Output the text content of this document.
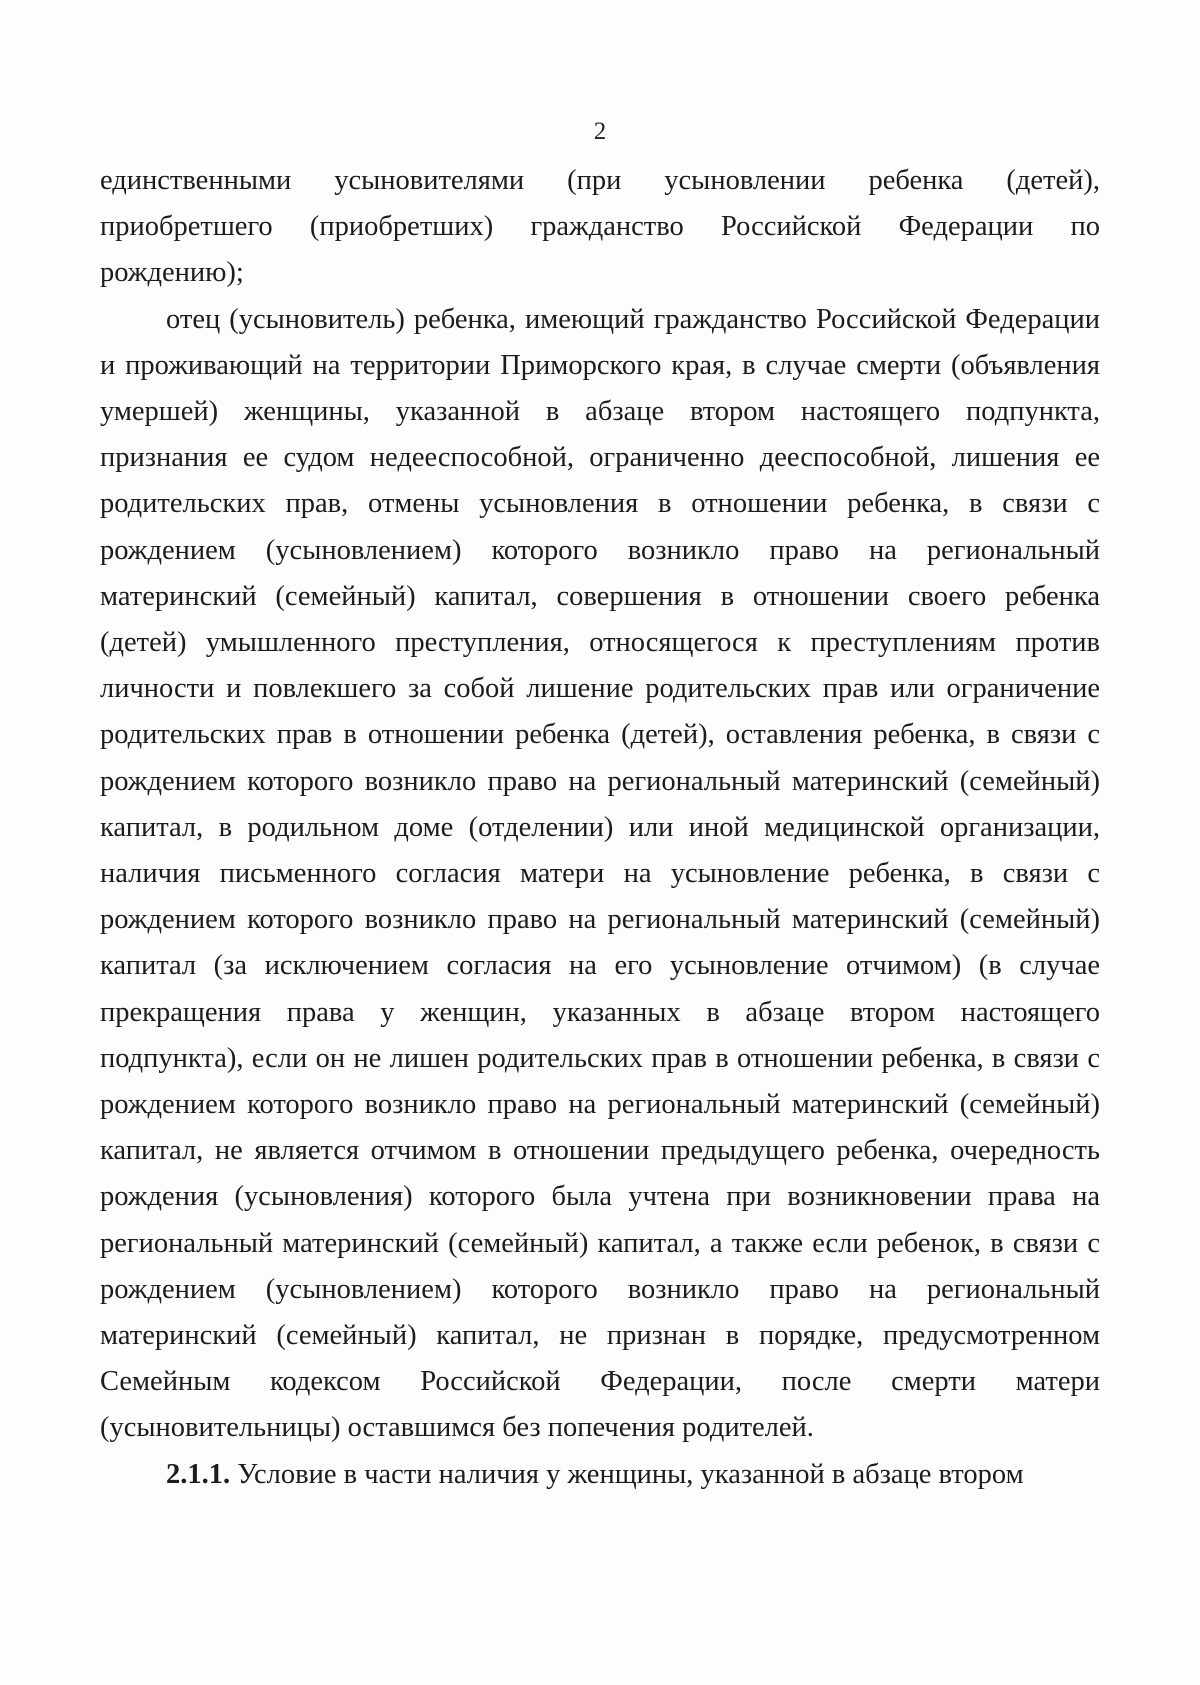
2

единственными усыновителями (при усыновлении ребенка (детей), приобретшего (приобретших) гражданство Российской Федерации по рождению);

отец (усыновитель) ребенка, имеющий гражданство Российской Федерации и проживающий на территории Приморского края, в случае смерти (объявления умершей) женщины, указанной в абзаце втором настоящего подпункта, признания ее судом недееспособной, ограниченно дееспособной, лишения ее родительских прав, отмены усыновления в отношении ребенка, в связи с рождением (усыновлением) которого возникло право на региональный материнский (семейный) капитал, совершения в отношении своего ребенка (детей) умышленного преступления, относящегося к преступлениям против личности и повлекшего за собой лишение родительских прав или ограничение родительских прав в отношении ребенка (детей), оставления ребенка, в связи с рождением которого возникло право на региональный материнский (семейный) капитал, в родильном доме (отделении) или иной медицинской организации, наличия письменного согласия матери на усыновление ребенка, в связи с рождением которого возникло право на региональный материнский (семейный) капитал (за исключением согласия на его усыновление отчимом) (в случае прекращения права у женщин, указанных в абзаце втором настоящего подпункта), если он не лишен родительских прав в отношении ребенка, в связи с рождением которого возникло право на региональный материнский (семейный) капитал, не является отчимом в отношении предыдущего ребенка, очередность рождения (усыновления) которого была учтена при возникновении права на региональный материнский (семейный) капитал, а также если ребенок, в связи с рождением (усыновлением) которого возникло право на региональный материнский (семейный) капитал, не признан в порядке, предусмотренном Семейным кодексом Российской Федерации, после смерти матери (усыновительницы) оставшимся без попечения родителей.

2.1.1. Условие в части наличия у женщины, указанной в абзаце втором
